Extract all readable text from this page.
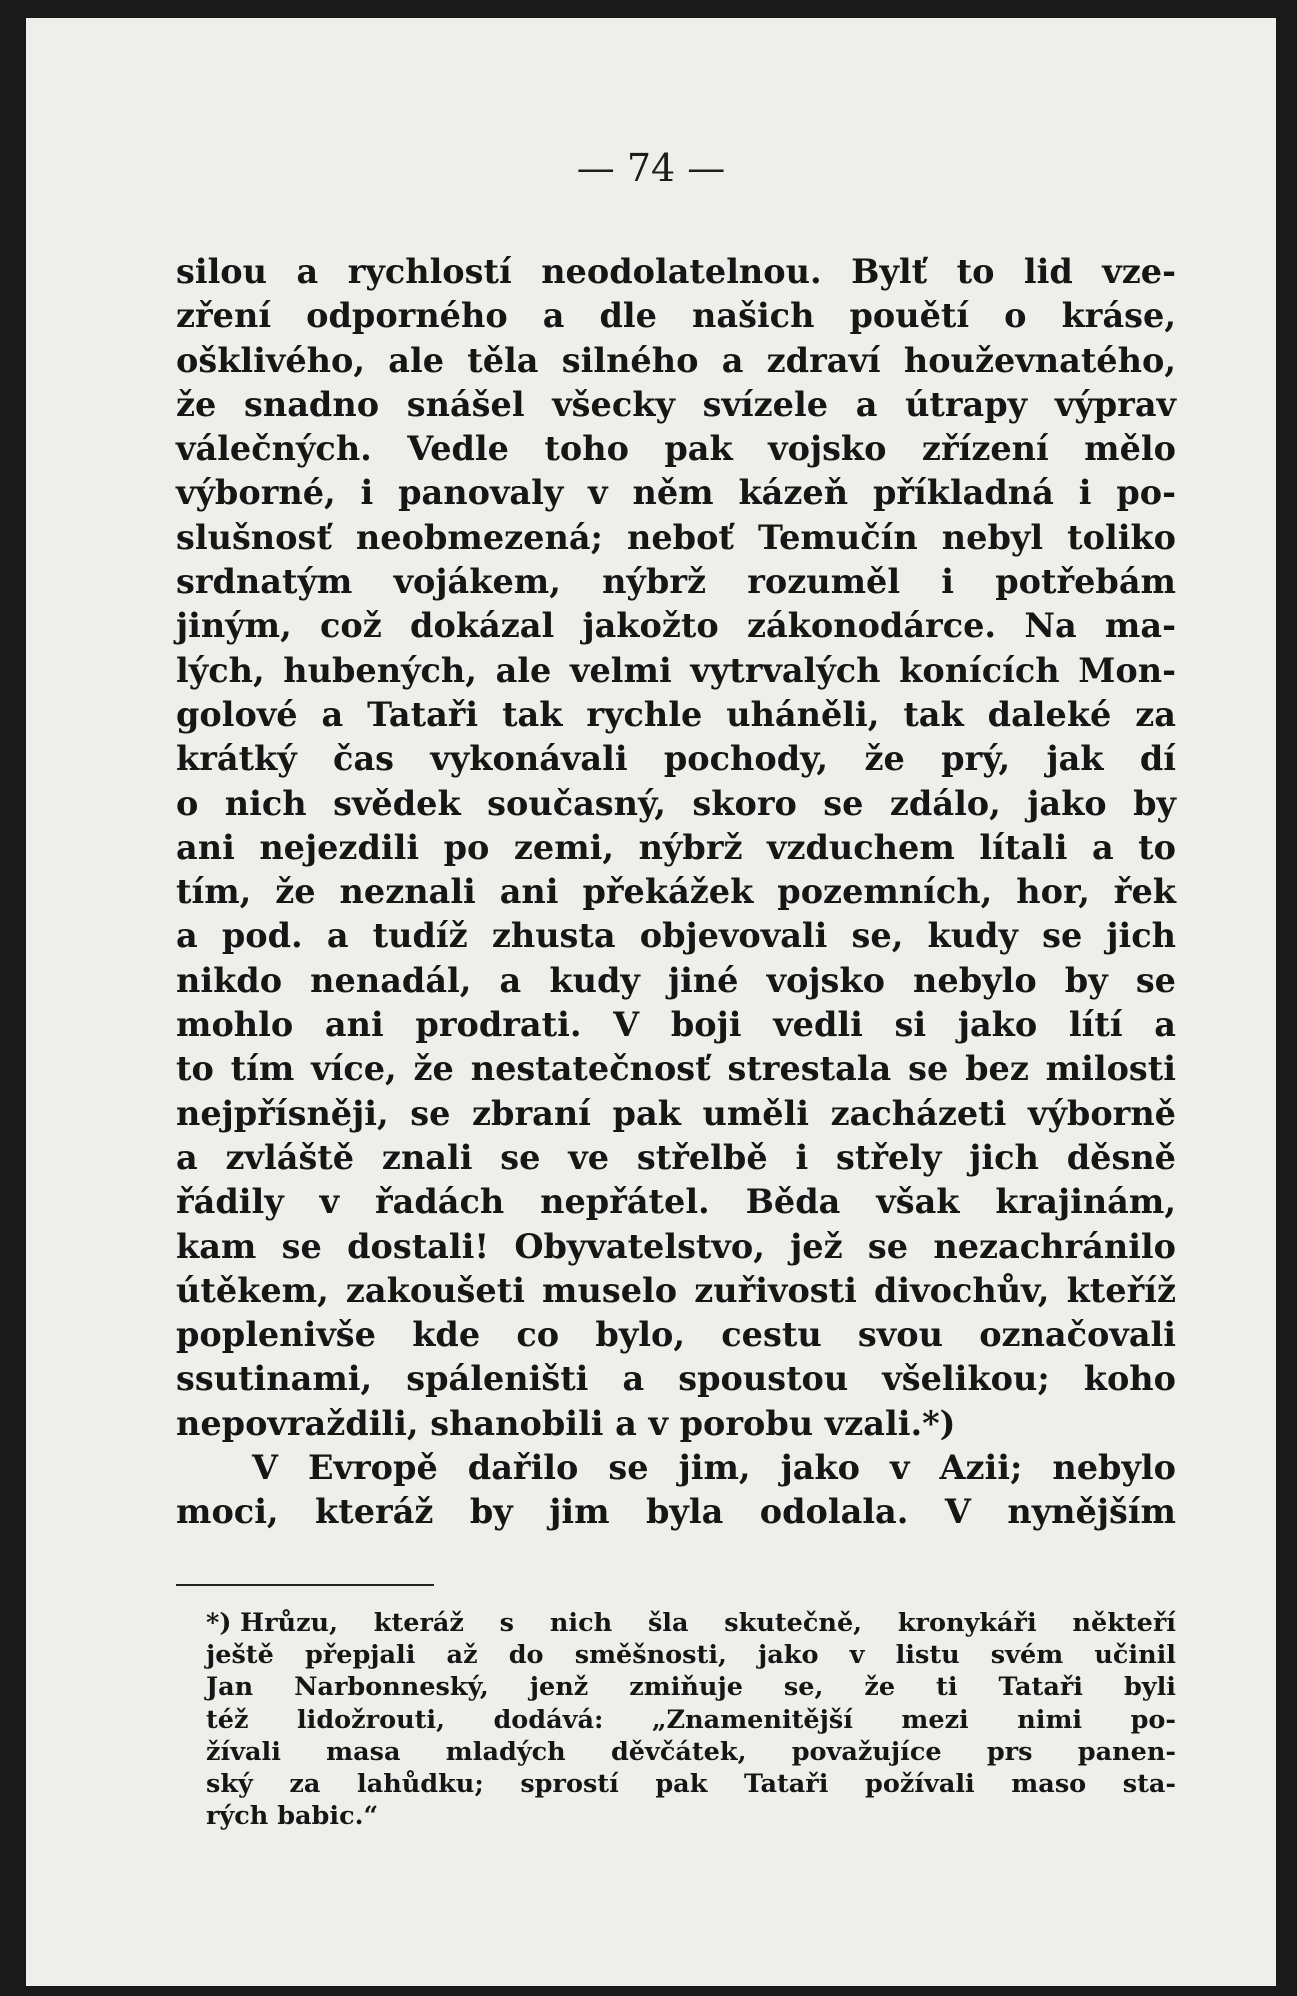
— 74 —

silou a rychlostí neodolatelnou. Bylť to lid vze-
zření odporného a dle našich pouětí o kráse,
ošklivého, ale těla silného a zdraví houževnatého,
že snadno snášel všecky svízele a útrapy výprav
válečných. Vedle toho pak vojsko zřízení mělo
výborné, i panovaly v něm kázeň příkladná i po-
slušnosť neobmezená; neboť Temučín nebyl toliko
srdnatým vojákem, nýbrž rozuměl i potřebám
jiným, což dokázal jakožto zákonodárce. Na ma-
lých, hubených, ale velmi vytrvalých konících Mon-
golové a Tataři tak rychle uháněli, tak daleké za
krátký čas vykonávali pochody, že prý, jak dí
o nich svědek současný, skoro se zdálo, jako by
ani nejezdili po zemi, nýbrž vzduchem lítali a to
tím, že neznali ani překážek pozemních, hor, řek
a pod. a tudíž zhusta objevovali se, kudy se jich
nikdo nenadál, a kudy jiné vojsko nebylo by se
mohlo ani prodrati. V boji vedli si jako lítí a
to tím více, že nestatečnosť strestala se bez milosti
nejpřísněji, se zbraní pak uměli zacházeti výborně
a zvláště znali se ve střelbě i střely jich děsně
řádily v řadách nepřátel. Běda však krajinám,
kam se dostali! Obyvatelstvo, jež se nezachránilo
útěkem, zakoušeti muselo zuřivosti divochův, kteříž
poplenivše kde co bylo, cestu svou označovali
ssutinami, spáleništi a spoustou všelikou; koho
nepovraždili, shanobili a v porobu vzali.*)
V Evropě dařilo se jim, jako v Azii; nebylo
moci, kteráž by jim byla odolala. V nynějším
*) Hrůzu, kteráž s nich šla skutečně, kronykáři někteří
ještě přepjali až do směšnosti, jako v listu svém učinil
Jan Narbonneský, jenž zmiňuje se, že ti Tataři byli
též lidožrouti, dodává: „Znamenitější mezi nimi po-
žívali masa mladých děvčátek, považujíce prs panen-
ský za lahůdku; sprostí pak Tataři požívali maso sta-
rých babic.“
